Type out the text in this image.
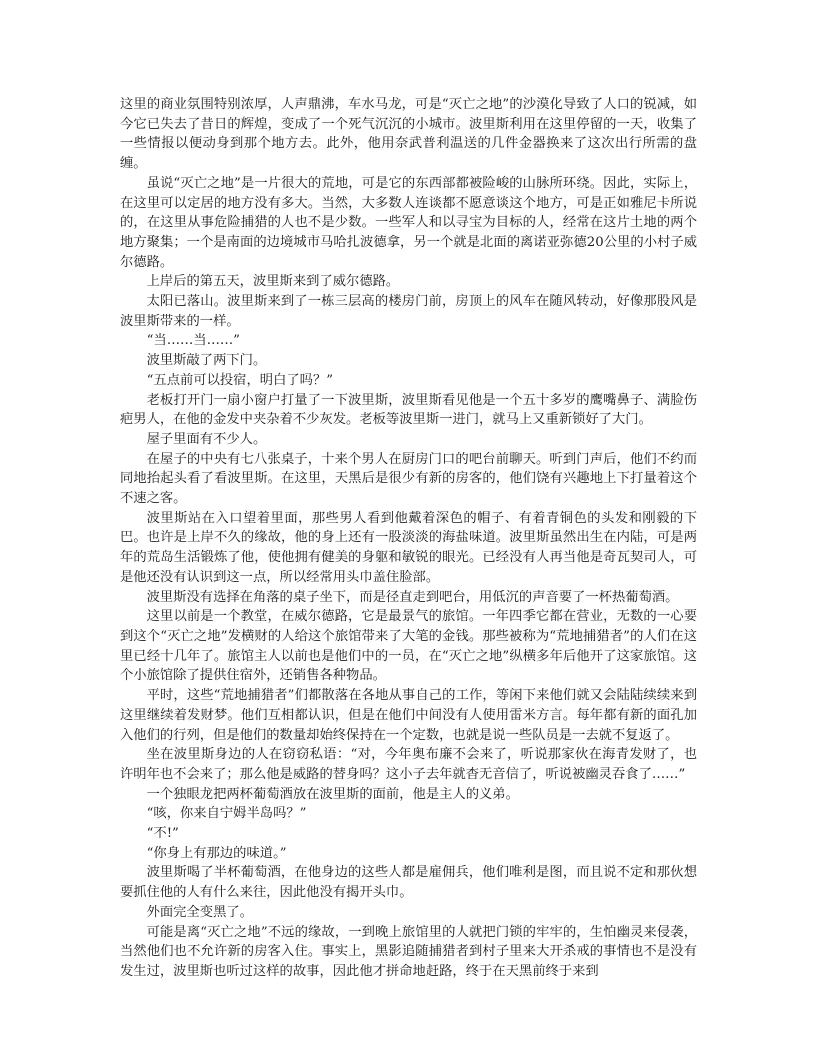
这里的商业氛围特别浓厚，人声鼎沸，车水马龙，可是“灭亡之地”的沙漠化导致了人口的锐减，如今它已失去了昔日的辉煌，变成了一个死气沉沉的小城市。波里斯利用在这里停留的一天，收集了一些情报以便动身到那个地方去。此外，他用奈武普利温送的几件金器换来了这次出行所需的盘缠。

虽说“灭亡之地”是一片很大的荒地，可是它的东西部都被险峻的山脉所环绕。因此，实际上，在这里可以定居的地方没有多大。当然，大多数人连谈都不愿意谈这个地方，可是正如雅尼卡所说的，在这里从事危险捕猎的人也不是少数。一些军人和以寻宝为目标的人，经常在这片土地的两个地方聚集；一个是南面的边境城市马哈扎波德拿，另一个就是北面的离诺亚弥德20公里的小村子威尔德路。

上岸后的第五天，波里斯来到了威尔德路。

太阳已落山。波里斯来到了一栋三层高的楼房门前，房顶上的风车在随风转动，好像那股风是波里斯带来的一样。

“当……当……”

波里斯敲了两下门。

“五点前可以投宿，明白了吗？”

老板打开门一扇小窗户打量了一下波里斯，波里斯看见他是一个五十多岁的鹰嘴鼻子、满脸伤疤男人，在他的金发中夹杂着不少灰发。老板等波里斯一进门，就马上又重新锁好了大门。

屋子里面有不少人。

在屋子的中央有七八张桌子，十来个男人在厨房门口的吧台前聊天。听到门声后，他们不约而同地抬起头看了看波里斯。在这里，天黑后是很少有新的房客的，他们饶有兴趣地上下打量着这个不速之客。

波里斯站在入口望着里面，那些男人看到他戴着深色的帽子、有着青铜色的头发和刚毅的下巴。也许是上岸不久的缘故，他的身上还有一股淡淡的海盐味道。波里斯虽然出生在内陆，可是两年的荒岛生活锻炼了他，使他拥有健美的身躯和敏锐的眼光。已经没有人再当他是奇瓦契司人，可是他还没有认识到这一点，所以经常用头巾盖住脸部。

波里斯没有选择在角落的桌子坐下，而是径直走到吧台，用低沉的声音要了一杯热葡萄酒。

这里以前是一个教堂，在威尔德路，它是最景气的旅馆。一年四季它都在营业，无数的一心要到这个“灭亡之地”发横财的人给这个旅馆带来了大笔的金钱。那些被称为“荒地捕猎者”的人们在这里已经十几年了。旅馆主人以前也是他们中的一员，在“灭亡之地”纵横多年后他开了这家旅馆。这个小旅馆除了提供住宿外，还销售各种物品。

平时，这些“荒地捕猎者”们都散落在各地从事自己的工作，等闲下来他们就又会陆陆续续来到这里继续着发财梦。他们互相都认识，但是在他们中间没有人使用雷米方言。每年都有新的面孔加入他们的行列，但是他们的数量却始终保持在一个定数，也就是说一些队员是一去就不复返了。

坐在波里斯身边的人在窃窃私语：“对，今年奥布廉不会来了，听说那家伙在海青发财了，也许明年也不会来了；那么他是威路的替身吗？这小子去年就杳无音信了，听说被幽灵吞食了……”

一个独眼龙把两杯葡萄酒放在波里斯的面前，他是主人的义弟。

“咳，你来自宁姆半岛吗？”

“不!”

“你身上有那边的味道。”

波里斯喝了半杯葡萄酒，在他身边的这些人都是雇佣兵，他们唯利是图，而且说不定和那伙想要抓住他的人有什么来往，因此他没有揭开头巾。

外面完全变黑了。

可能是离“灭亡之地”不远的缘故，一到晚上旅馆里的人就把门锁的牢牢的，生怕幽灵来侵袭，当然他们也不允许新的房客入住。事实上，黑影追随捕猎者到村子里来大开杀戒的事情也不是没有发生过，波里斯也听过这样的故事，因此他才拼命地赶路，终于在天黑前终于来到
